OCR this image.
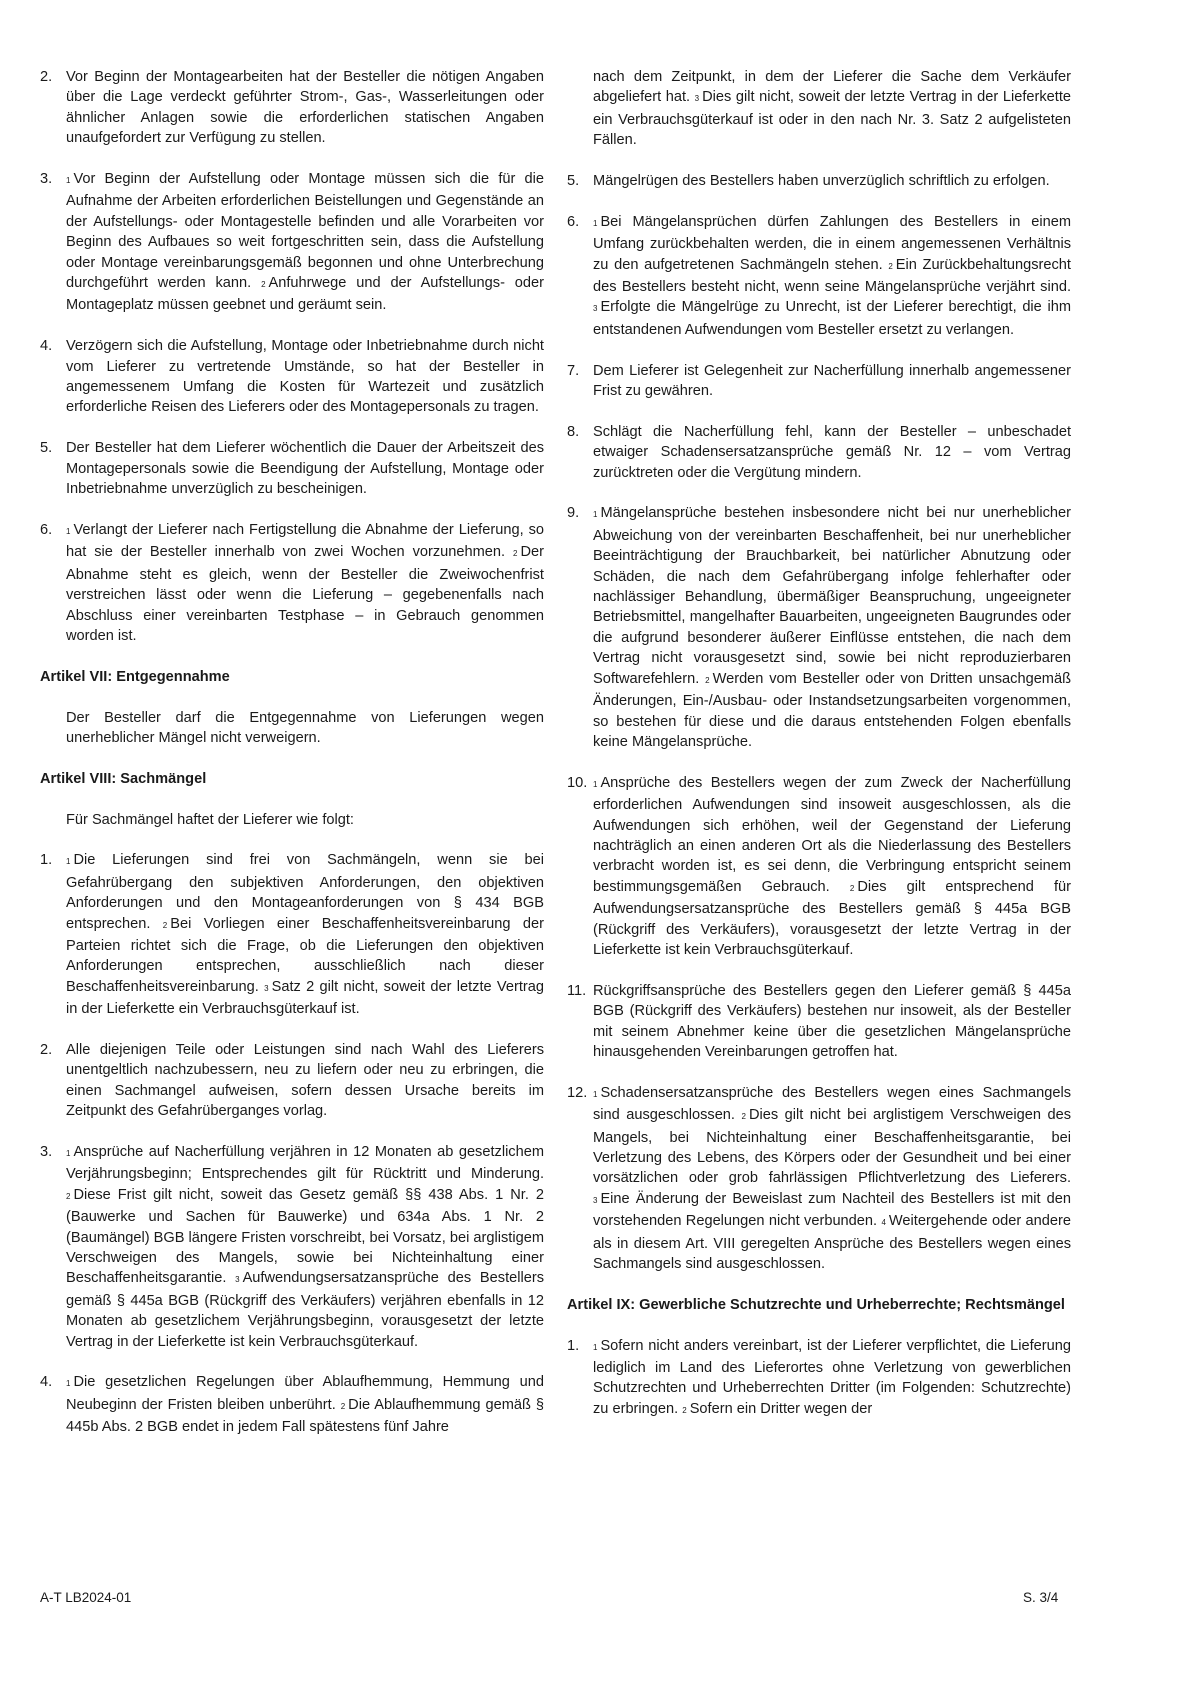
2. Vor Beginn der Montagearbeiten hat der Besteller die nötigen Angaben über die Lage verdeckt geführter Strom-, Gas-, Wasserleitungen oder ähnlicher Anlagen sowie die erforderlichen statischen Angaben unaufgefordert zur Verfügung zu stellen.
3. 1 Vor Beginn der Aufstellung oder Montage müssen sich die für die Aufnahme der Arbeiten erforderlichen Beistellungen und Gegenstände an der Aufstellungs- oder Montagestelle befinden und alle Vorarbeiten vor Beginn des Aufbaues so weit fortgeschritten sein, dass die Aufstellung oder Montage vereinbarungsgemäß begonnen und ohne Unterbrechung durchgeführt werden kann. 2 Anfuhrwege und der Aufstellungs- oder Montageplatz müssen geebnet und geräumt sein.
4. Verzögern sich die Aufstellung, Montage oder Inbetriebnahme durch nicht vom Lieferer zu vertretende Umstände, so hat der Besteller in angemessenem Umfang die Kosten für Wartezeit und zusätzlich erforderliche Reisen des Lieferers oder des Montagepersonals zu tragen.
5. Der Besteller hat dem Lieferer wöchentlich die Dauer der Arbeitszeit des Montagepersonals sowie die Beendigung der Aufstellung, Montage oder Inbetriebnahme unverzüglich zu bescheinigen.
6. 1 Verlangt der Lieferer nach Fertigstellung die Abnahme der Lieferung, so hat sie der Besteller innerhalb von zwei Wochen vorzunehmen. 2 Der Abnahme steht es gleich, wenn der Besteller die Zweiwochenfrist verstreichen lässt oder wenn die Lieferung – gegebenenfalls nach Abschluss einer vereinbarten Testphase – in Gebrauch genommen worden ist.
Artikel VII: Entgegennahme
Der Besteller darf die Entgegennahme von Lieferungen wegen unerheblicher Mängel nicht verweigern.
Artikel VIII: Sachmängel
Für Sachmängel haftet der Lieferer wie folgt:
1. 1 Die Lieferungen sind frei von Sachmängeln, wenn sie bei Gefahrübergang den subjektiven Anforderungen, den objektiven Anforderungen und den Montageanforderungen von § 434 BGB entsprechen. 2 Bei Vorliegen einer Beschaffenheitsvereinbarung der Parteien richtet sich die Frage, ob die Lieferungen den objektiven Anforderungen entsprechen, ausschließlich nach dieser Beschaffenheitsvereinbarung. 3 Satz 2 gilt nicht, soweit der letzte Vertrag in der Lieferkette ein Verbrauchsgüterkauf ist.
2. Alle diejenigen Teile oder Leistungen sind nach Wahl des Lieferers unentgeltlich nachzubessern, neu zu liefern oder neu zu erbringen, die einen Sachmangel aufweisen, sofern dessen Ursache bereits im Zeitpunkt des Gefahrüberganges vorlag.
3. 1 Ansprüche auf Nacherfüllung verjähren in 12 Monaten ab gesetzlichem Verjährungsbeginn; Entsprechendes gilt für Rücktritt und Minderung. 2 Diese Frist gilt nicht, soweit das Gesetz gemäß §§ 438 Abs. 1 Nr. 2 (Bauwerke und Sachen für Bauwerke) und 634a Abs. 1 Nr. 2 (Baumängel) BGB längere Fristen vorschreibt, bei Vorsatz, bei arglistigem Verschweigen des Mangels, sowie bei Nichteinhaltung einer Beschaffenheitsgarantie. 3 Aufwendungsersatzansprüche des Bestellers gemäß § 445a BGB (Rückgriff des Verkäufers) verjähren ebenfalls in 12 Monaten ab gesetzlichem Verjährungsbeginn, vorausgesetzt der letzte Vertrag in der Lieferkette ist kein Verbrauchsgüterkauf.
4. 1 Die gesetzlichen Regelungen über Ablaufhemmung, Hemmung und Neubeginn der Fristen bleiben unberührt. 2 Die Ablaufhemmung gemäß § 445b Abs. 2 BGB endet in jedem Fall spätestens fünf Jahre
nach dem Zeitpunkt, in dem der Lieferer die Sache dem Verkäufer abgeliefert hat. 3 Dies gilt nicht, soweit der letzte Vertrag in der Lieferkette ein Verbrauchsgüterkauf ist oder in den nach Nr. 3. Satz 2 aufgelisteten Fällen.
5. Mängelrügen des Bestellers haben unverzüglich schriftlich zu erfolgen.
6. 1 Bei Mängelansprüchen dürfen Zahlungen des Bestellers in einem Umfang zurückbehalten werden, die in einem angemessenen Verhältnis zu den aufgetretenen Sachmängeln stehen. 2 Ein Zurückbehaltungsrecht des Bestellers besteht nicht, wenn seine Mängelansprüche verjährt sind. 3 Erfolgte die Mängelrüge zu Unrecht, ist der Lieferer berechtigt, die ihm entstandenen Aufwendungen vom Besteller ersetzt zu verlangen.
7. Dem Lieferer ist Gelegenheit zur Nacherfüllung innerhalb angemessener Frist zu gewähren.
8. Schlägt die Nacherfüllung fehl, kann der Besteller – unbeschadet etwaiger Schadensersatzansprüche gemäß Nr. 12 – vom Vertrag zurücktreten oder die Vergütung mindern.
9. 1 Mängelansprüche bestehen insbesondere nicht bei nur unerheblicher Abweichung von der vereinbarten Beschaffenheit, bei nur unerheblicher Beeinträchtigung der Brauchbarkeit, bei natürlicher Abnutzung oder Schäden, die nach dem Gefahrübergang infolge fehlerhafter oder nachlässiger Behandlung, übermäßiger Beanspruchung, ungeeigneter Betriebsmittel, mangelhafter Bauarbeiten, ungeeigneten Baugrundes oder die aufgrund besonderer äußerer Einflüsse entstehen, die nach dem Vertrag nicht vorausgesetzt sind, sowie bei nicht reproduzierbaren Softwarefehlern. 2 Werden vom Besteller oder von Dritten unsachgemäß Änderungen, Ein-/Ausbau- oder Instandsetzungsarbeiten vorgenommen, so bestehen für diese und die daraus entstehenden Folgen ebenfalls keine Mängelansprüche.
10. 1 Ansprüche des Bestellers wegen der zum Zweck der Nacherfüllung erforderlichen Aufwendungen sind insoweit ausgeschlossen, als die Aufwendungen sich erhöhen, weil der Gegenstand der Lieferung nachträglich an einen anderen Ort als die Niederlassung des Bestellers verbracht worden ist, es sei denn, die Verbringung entspricht seinem bestimmungsgemäßen Gebrauch.	2 Dies gilt entsprechend für Aufwendungsersatzansprüche des Bestellers gemäß § 445a BGB (Rückgriff des Verkäufers), vorausgesetzt der letzte Vertrag in der Lieferkette ist kein Verbrauchsgüterkauf.
11. Rückgriffsansprüche des Bestellers gegen den Lieferer gemäß § 445a BGB (Rückgriff des Verkäufers) bestehen nur insoweit, als der Besteller mit seinem Abnehmer keine über die gesetzlichen Mängelansprüche hinausgehenden Vereinbarungen getroffen hat.
12. 1 Schadensersatzansprüche des Bestellers wegen eines Sachmangels sind ausgeschlossen. 2 Dies gilt nicht bei arglistigem Verschweigen des Mangels, bei Nichteinhaltung einer Beschaffenheitsgarantie, bei Verletzung des Lebens, des Körpers oder der Gesundheit und bei einer vorsätzlichen oder grob fahrlässigen Pflichtverletzung des Lieferers. 3 Eine Änderung der Beweislast zum Nachteil des Bestellers ist mit den vorstehenden Regelungen nicht verbunden. 4 Weitergehende oder andere als in diesem Art. VIII geregelten Ansprüche des Bestellers wegen eines Sachmangels sind ausgeschlossen.
Artikel IX: Gewerbliche Schutzrechte und Urheberrechte; Rechtsmängel
1. 1 Sofern nicht anders vereinbart, ist der Lieferer verpflichtet, die Lieferung lediglich im Land des Lieferortes ohne Verletzung von gewerblichen Schutzrechten und Urheberrechten Dritter (im Folgenden: Schutzrechte) zu erbringen. 2 Sofern ein Dritter wegen der
A-T LB2024-01	S. 3/4
